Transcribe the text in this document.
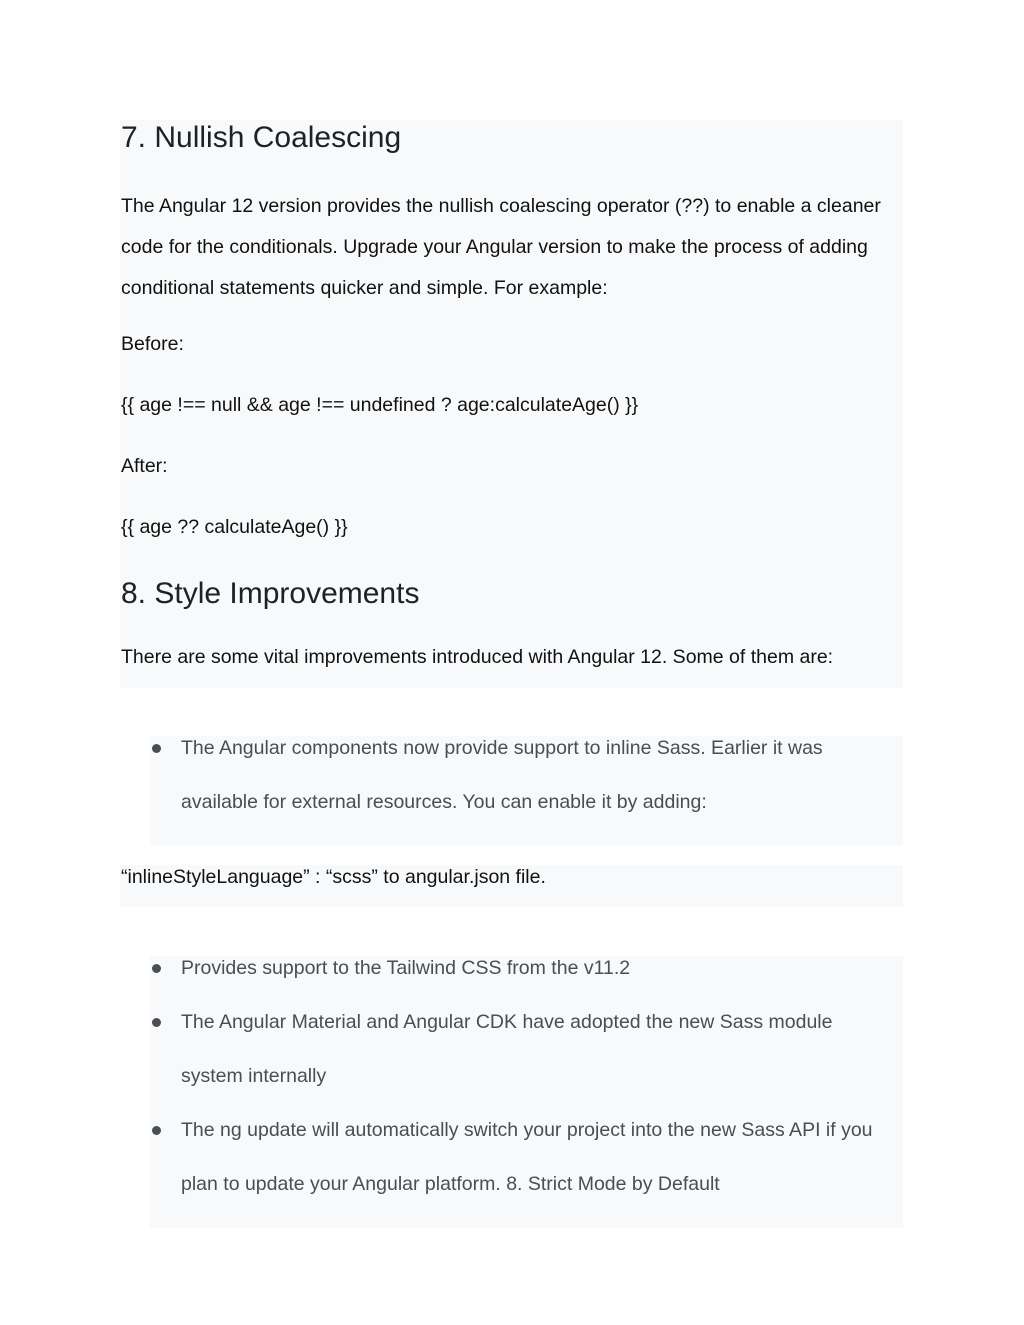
7. Nullish Coalescing
The Angular 12 version provides the nullish coalescing operator (??) to enable a cleaner
code for the conditionals. Upgrade your Angular version to make the process of adding
conditional statements quicker and simple. For example:
Before:
{{ age !== null && age !== undefined ? age:calculateAge() }}
After:
{{ age ?? calculateAge() }}
8. Style Improvements
There are some vital improvements introduced with Angular 12. Some of them are:
The Angular components now provide support to inline Sass. Earlier it was
available for external resources. You can enable it by adding:
“inlineStyleLanguage” : “scss” to angular.json file.
Provides support to the Tailwind CSS from the v11.2
The Angular Material and Angular CDK have adopted the new Sass module
system internally
The ng update will automatically switch your project into the new Sass API if you
plan to update your Angular platform. 8. Strict Mode by Default
